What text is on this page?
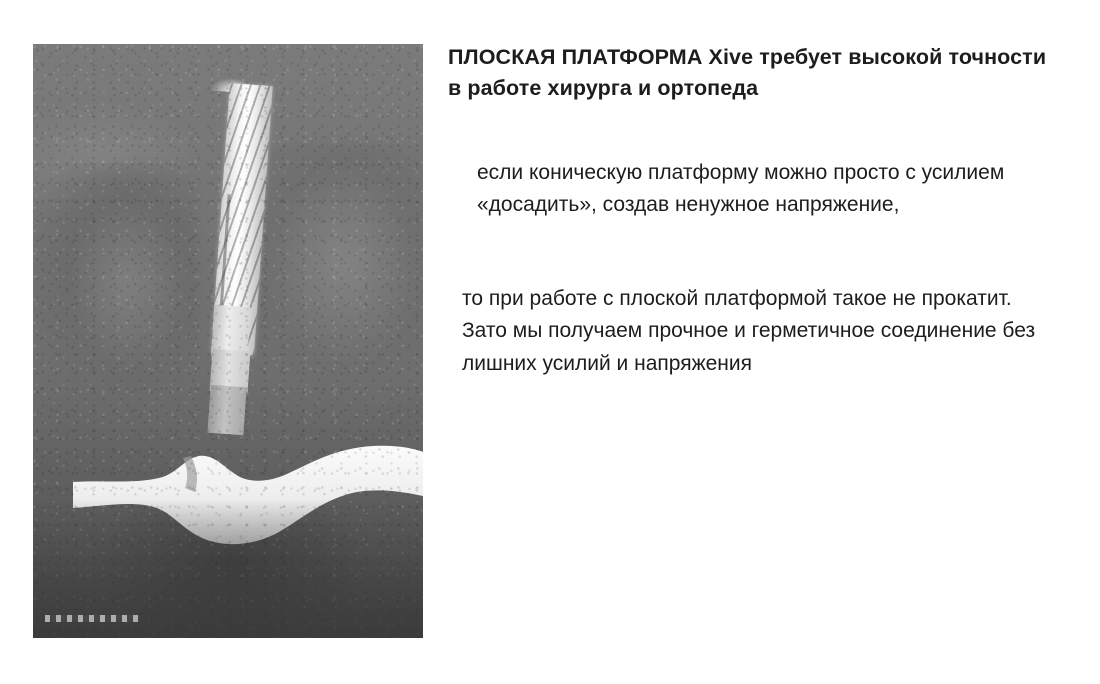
ПЛОСКАЯ ПЛАТФОРМА Xive требует высокой точности в работе хирурга и ортопеда
если коническую платформу можно просто с усилием «досадить», создав ненужное напряжение,
то при работе с плоской платформой такое не прокатит. Зато мы получаем прочное и герметичное соединение без лишних усилий и напряжения
